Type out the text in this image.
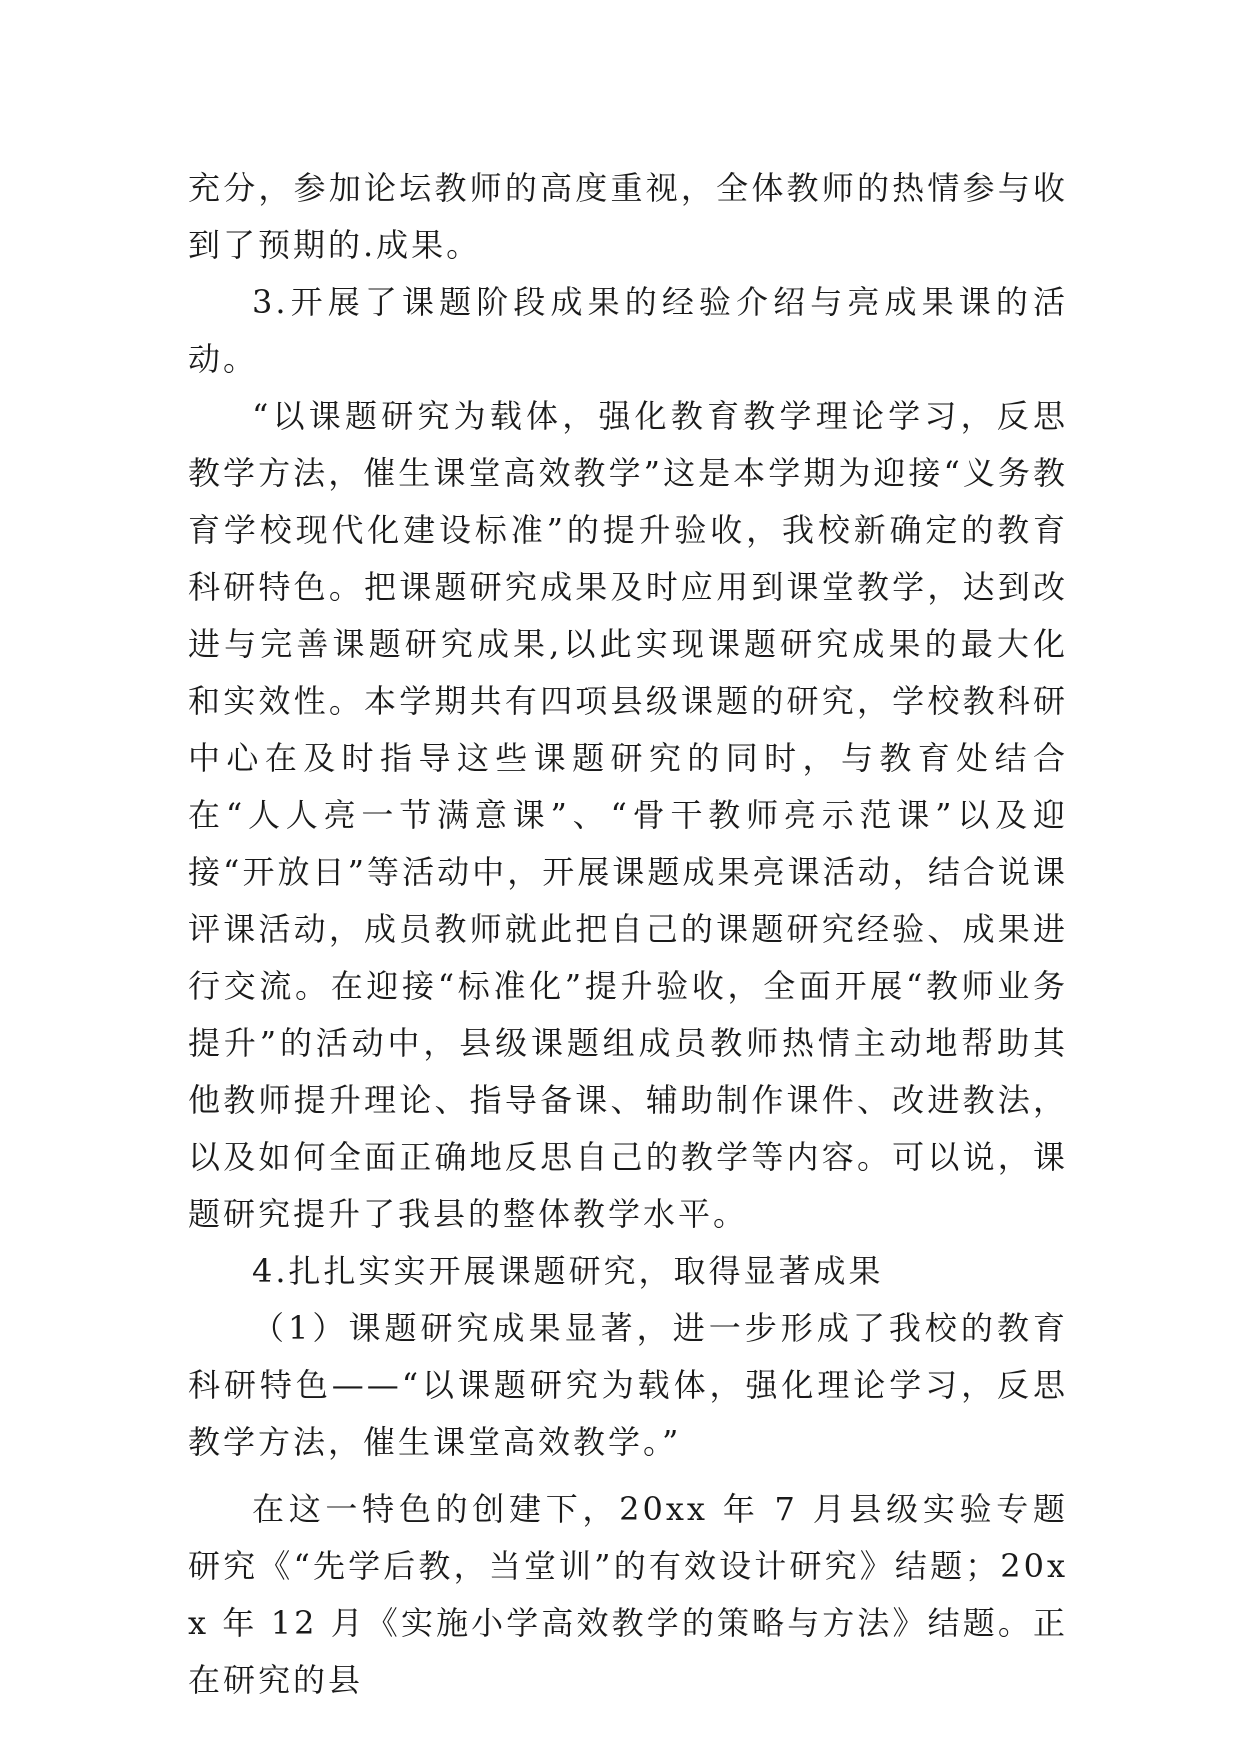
充分，参加论坛教师的高度重视，全体教师的热情参与收到了预期的.成果。

3.开展了课题阶段成果的经验介绍与亮成果课的活动。

“以课题研究为载体，强化教育教学理论学习，反思教学方法，催生课堂高效教学”这是本学期为迎接“义务教育学校现代化建设标准”的提升验收，我校新确定的教育科研特色。把课题研究成果及时应用到课堂教学，达到改进与完善课题研究成果,以此实现课题研究成果的最大化和实效性。本学期共有四项县级课题的研究，学校教科研中心在及时指导这些课题研究的同时，与教育处结合在“人人亮一节满意课”、“骨干教师亮示范课”以及迎接“开放日”等活动中，开展课题成果亮课活动，结合说课评课活动，成员教师就此把自己的课题研究经验、成果进行交流。在迎接“标准化”提升验收，全面开展“教师业务提升”的活动中，县级课题组成员教师热情主动地帮助其他教师提升理论、指导备课、辅助制作课件、改进教法，以及如何全面正确地反思自己的教学等内容。可以说，课题研究提升了我县的整体教学水平。

4.扎扎实实开展课题研究，取得显著成果

（1）课题研究成果显著，进一步形成了我校的教育科研特色——“以课题研究为载体，强化理论学习，反思教学方法，催生课堂高效教学。”

在这一特色的创建下，20xx 年 7 月县级实验专题研究《“先学后教，当堂训”的有效设计研究》结题；20xx 年 12 月《实施小学高效教学的策略与方法》结题。正在研究的县
